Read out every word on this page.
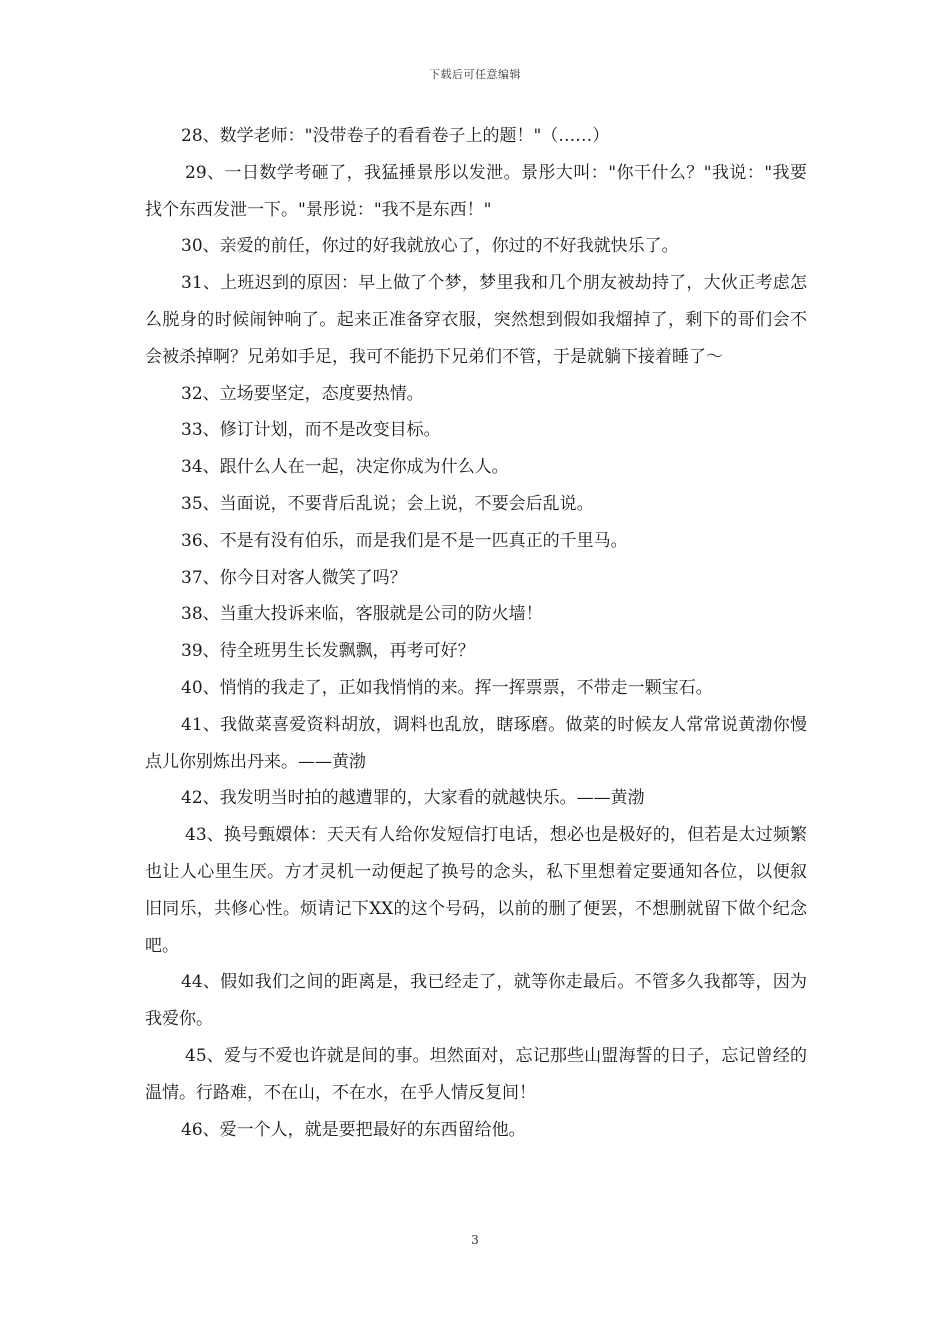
下载后可任意编辑

28、数学老师："没带卷子的看看卷子上的题！"（……）

29、一日数学考砸了，我猛捶景彤以发泄。景彤大叫："你干什么？"我说："我要找个东西发泄一下。"景彤说："我不是东西！"

30、亲爱的前任，你过的好我就放心了，你过的不好我就快乐了。

31、上班迟到的原因：早上做了个梦，梦里我和几个朋友被劫持了，大伙正考虑怎么脱身的时候闹钟响了。起来正准备穿衣服，突然想到假如我熘掉了，剩下的哥们会不会被杀掉啊？兄弟如手足，我可不能扔下兄弟们不管，于是就躺下接着睡了～

32、立场要坚定，态度要热情。

33、修订计划，而不是改变目标。

34、跟什么人在一起，决定你成为什么人。

35、当面说，不要背后乱说；会上说，不要会后乱说。

36、不是有没有伯乐，而是我们是不是一匹真正的千里马。

37、你今日对客人微笑了吗？

38、当重大投诉来临，客服就是公司的防火墙！

39、待全班男生长发飘飘，再考可好？

40、悄悄的我走了，正如我悄悄的来。挥一挥票票，不带走一颗宝石。

41、我做菜喜爱资料胡放，调料也乱放，瞎琢磨。做菜的时候友人常常说黄渤你慢点儿你别炼出丹来。——黄渤

42、我发明当时拍的越遭罪的，大家看的就越快乐。——黄渤

43、换号甄嬛体：天天有人给你发短信打电话，想必也是极好的，但若是太过频繁也让人心里生厌。方才灵机一动便起了换号的念头，私下里想着定要通知各位，以便叙旧同乐，共修心性。烦请记下XX的这个号码，以前的删了便罢，不想删就留下做个纪念吧。

44、假如我们之间的距离是，我已经走了，就等你走最后。不管多久我都等，因为我爱你。

45、爱与不爱也许就是间的事。坦然面对，忘记那些山盟海誓的日子，忘记曾经的温情。行路难，不在山，不在水，在乎人情反复间！

46、爱一个人，就是要把最好的东西留给他。

3
